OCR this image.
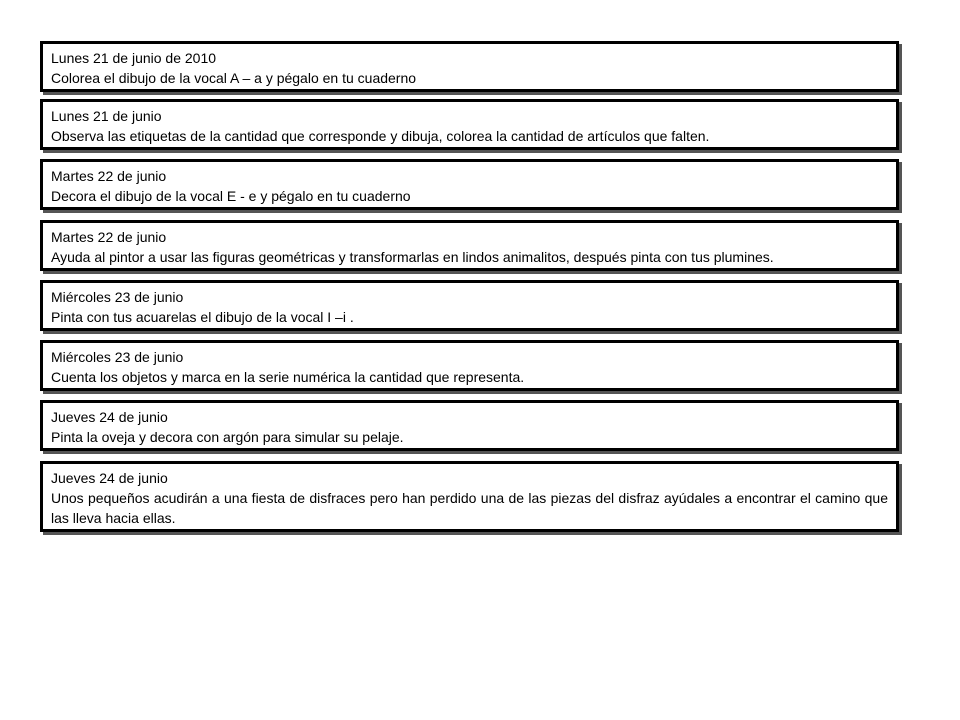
Lunes 21 de junio de 2010
Colorea el dibujo de la vocal A – a y pégalo en tu cuaderno
Lunes 21 de junio
Observa las etiquetas de la cantidad que corresponde y dibuja, colorea la cantidad de artículos que falten.
Martes 22 de junio
Decora el dibujo de la vocal E - e y pégalo en tu cuaderno
Martes 22 de junio
Ayuda al pintor a usar las figuras geométricas y transformarlas en lindos animalitos, después pinta con tus plumines.
Miércoles 23 de junio
Pinta con tus acuarelas el dibujo de la vocal I –i .
Miércoles 23 de junio
Cuenta los objetos y marca en la serie numérica la cantidad que representa.
Jueves 24 de junio
Pinta la oveja y decora con argón para simular su pelaje.
Jueves 24 de junio
Unos pequeños acudirán a una fiesta de disfraces pero han perdido una de las piezas del disfraz ayúdales a encontrar el camino que las lleva hacia ellas.
